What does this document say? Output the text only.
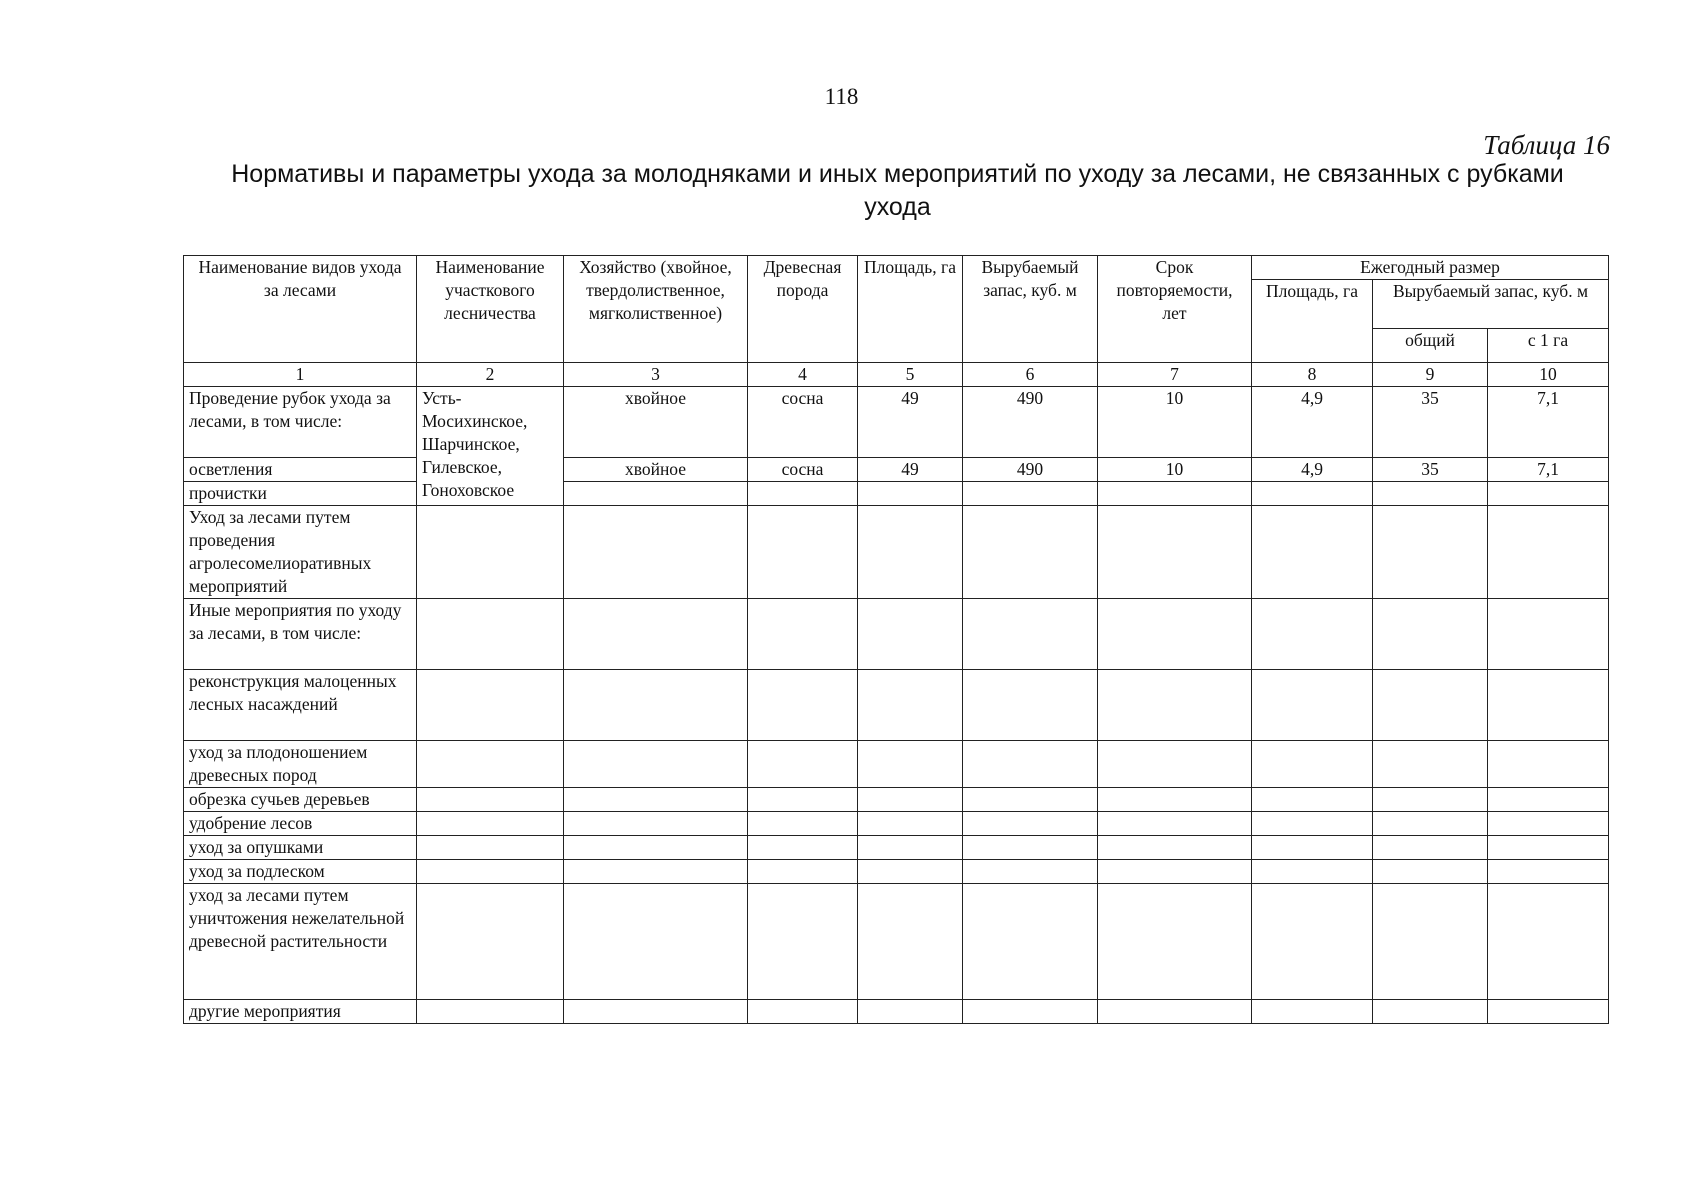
118
Таблица 16
Нормативы и параметры ухода за молодняками и иных мероприятий по уходу за лесами, не связанных с рубками ухода
Наименование видов ухода за лесами	Наименование участкового лесничества	Хозяйство (хвойное, твердолиственное, мягколиственное)	Древесная порода	Площадь, га	Вырубаемый запас, куб. м	Срок повторяемости, лет	Ежегодный размер		
							Площадь, га	Вырубаемый запас, куб. м	
								общий	с 1 га
1	2	3	4	5	6	7	8	9	10
Проведение рубок ухода за лесами, в том числе:	Усть-Мосихинское, Шарчинское, Гилевское, Гоноховское	хвойное	сосна	49	490	10	4,9	35	7,1
осветления		хвойное	сосна	49	490	10	4,9	35	7,1
прочистки									
Уход за лесами путем проведения агролесомелиоративных мероприятий									
Иные мероприятия по уходу за лесами, в том числе:									
реконструкция малоценных лесных насаждений									
уход за плодоношением древесных пород									
обрезка сучьев деревьев									
удобрение лесов									
уход за опушками									
уход за подлеском									
уход за лесами путем уничтожения нежелательной древесной растительности									
другие мероприятия									
